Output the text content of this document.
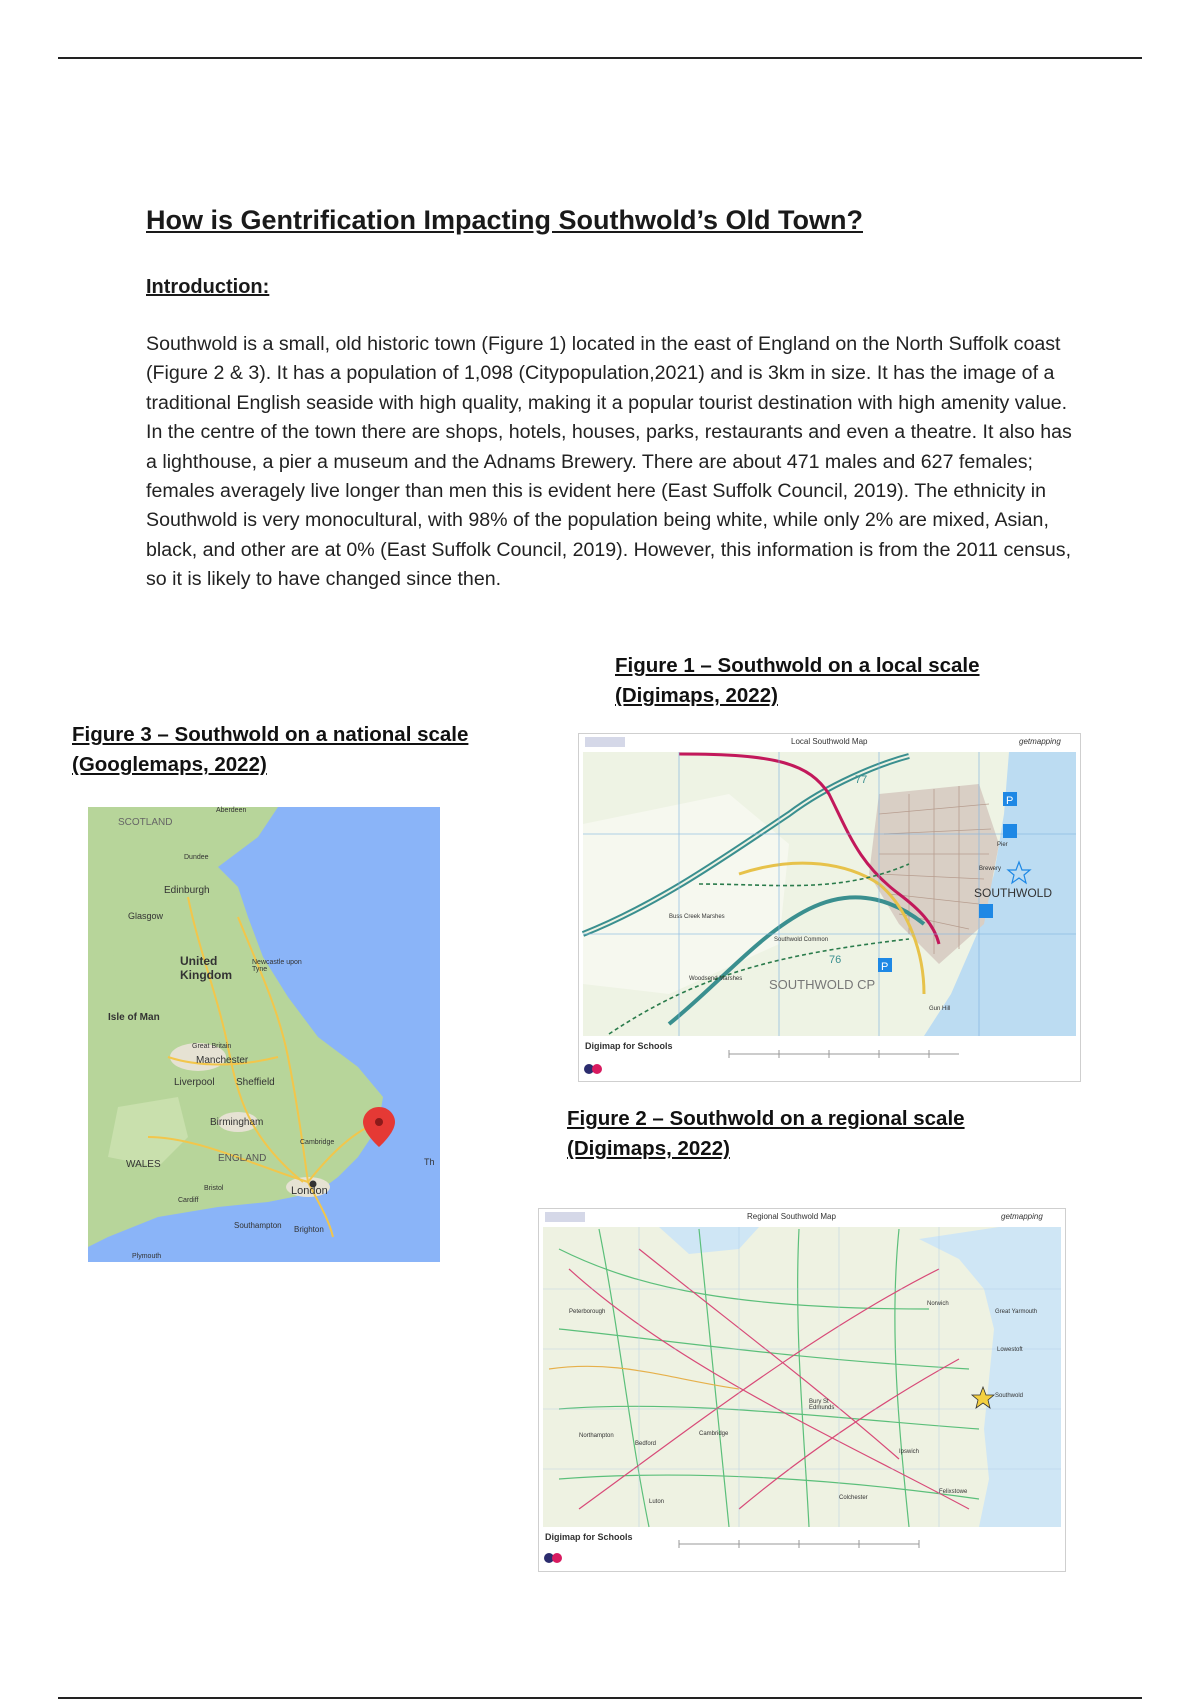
How is Gentrification Impacting Southwold’s Old Town?
Introduction:

Southwold is a small, old historic town (Figure 1) located in the east of England on the North Suffolk coast (Figure 2 & 3). It has a population of 1,098 (Citypopulation,2021) and is 3km in size. It has the image of a traditional English seaside with high quality, making it a popular tourist destination with high amenity value. In the centre of the town there are shops, hotels, houses, parks, restaurants and even a theatre. It also has a lighthouse, a pier a museum and the Adnams Brewery. There are about 471 males and 627 females; females averagely live longer than men this is evident here (East Suffolk Council, 2019). The ethnicity in Southwold is very monocultural, with 98% of the population being white, while only 2% are mixed, Asian, black, and other are at 0% (East Suffolk Council, 2019). However, this information is from the 2011 census, so it is likely to have changed since then.

Figure 1 – Southwold on a local scale (Digimaps, 2022)

P
P
Local Southwold Map	getmapping
SOUTHWOLD
Digimap for Schools
Brewery
Southwold Common
Woodsend Marshes
Buss Creek Marshes
SOUTHWOLD CP
Gun Hill
Pier
77
76

Figure 3 – Southwold on a national scale (Googlemaps, 2022)

SCOTLAND
Aberdeen
Dundee
Edinburgh
Glasgow
United Kingdom
Newcastle upon Tyne
Isle of Man
Great Britain
Manchester
Liverpool Sheffield
Birmingham
Cambridge
WALES
ENGLAND
London
Bristol
Cardiff
Southampton Brighton
Plymouth
Th

Figure 2 – Southwold on a regional scale (Digimaps, 2022)

Regional Southwold Map	getmapping
Digimap for Schools
Norwich
Great Yarmouth
Lowestoft
Southwold
Cambridge
Ipswich
Bury St Edmunds
Felixstowe
Peterborough
Northampton
Bedford
Colchester
Luton
